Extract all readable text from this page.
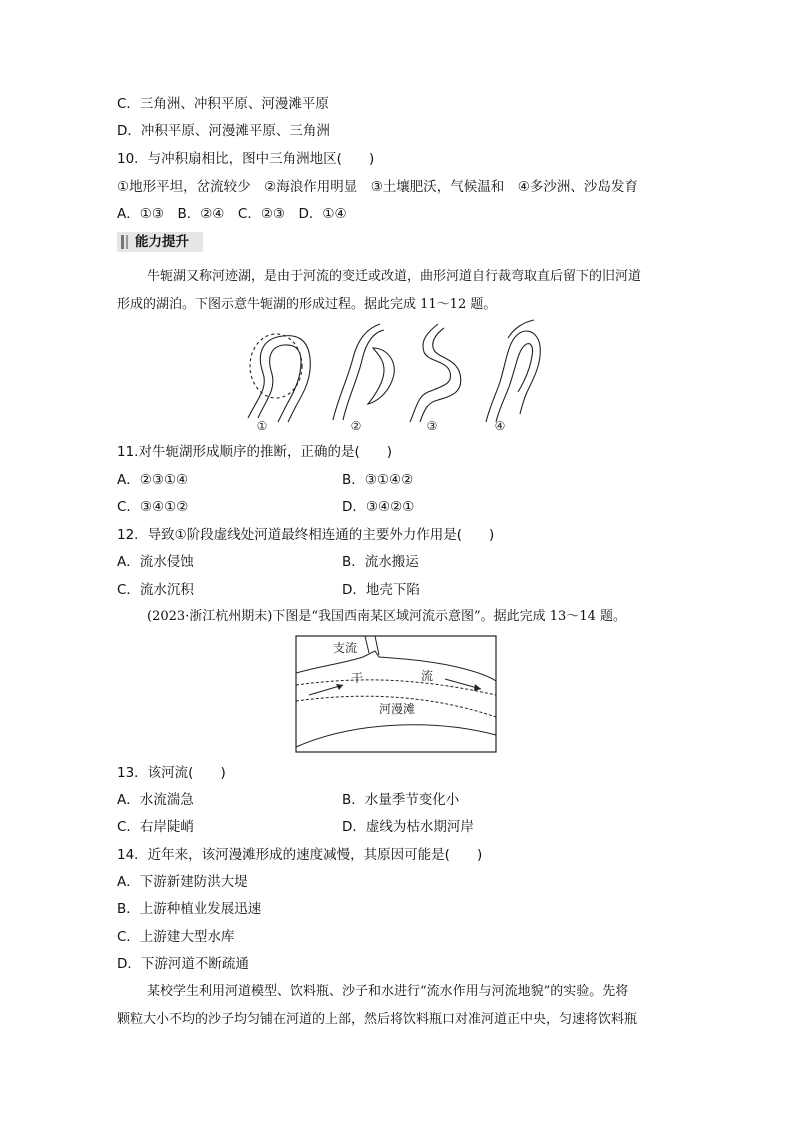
C．三角洲、冲积平原、河漫滩平原
D．冲积平原、河漫滩平原、三角洲
10．与冲积扇相比，图中三角洲地区(　　)
①地形平坦，岔流较少　②海浪作用明显　③土壤肥沃，气候温和　④多沙洲、沙岛发育
A．①③　B．②④　C．②③　D．①④
能力提升
牛轭湖又称河迹湖，是由于河流的变迁或改道，曲形河道自行裁弯取直后留下的旧河道
形成的湖泊。下图示意牛轭湖的形成过程。据此完成 11～12 题。
①	②	③	④
11.对牛轭湖形成顺序的推断，正确的是(　　)
A．②③①④	B．③①④②
C．③④①②	D．③④②①
12．导致①阶段虚线处河道最终相连通的主要外力作用是(　　)
A．流水侵蚀	B．流水搬运
C．流水沉积	D．地壳下陷
(2023·浙江杭州期末)下图是“我国西南某区域河流示意图”。据此完成 13～14 题。
支流
干	流
河漫滩
13．该河流(　　)
A．水流湍急	B．水量季节变化小
C．右岸陡峭	D．虚线为枯水期河岸
14．近年来，该河漫滩形成的速度减慢，其原因可能是(　　)
A．下游新建防洪大堤
B．上游种植业发展迅速
C．上游建大型水库
D．下游河道不断疏通
某校学生利用河道模型、饮料瓶、沙子和水进行“流水作用与河流地貌”的实验。先将
颗粒大小不均的沙子均匀铺在河道的上部，然后将饮料瓶口对准河道正中央，匀速将饮料瓶
